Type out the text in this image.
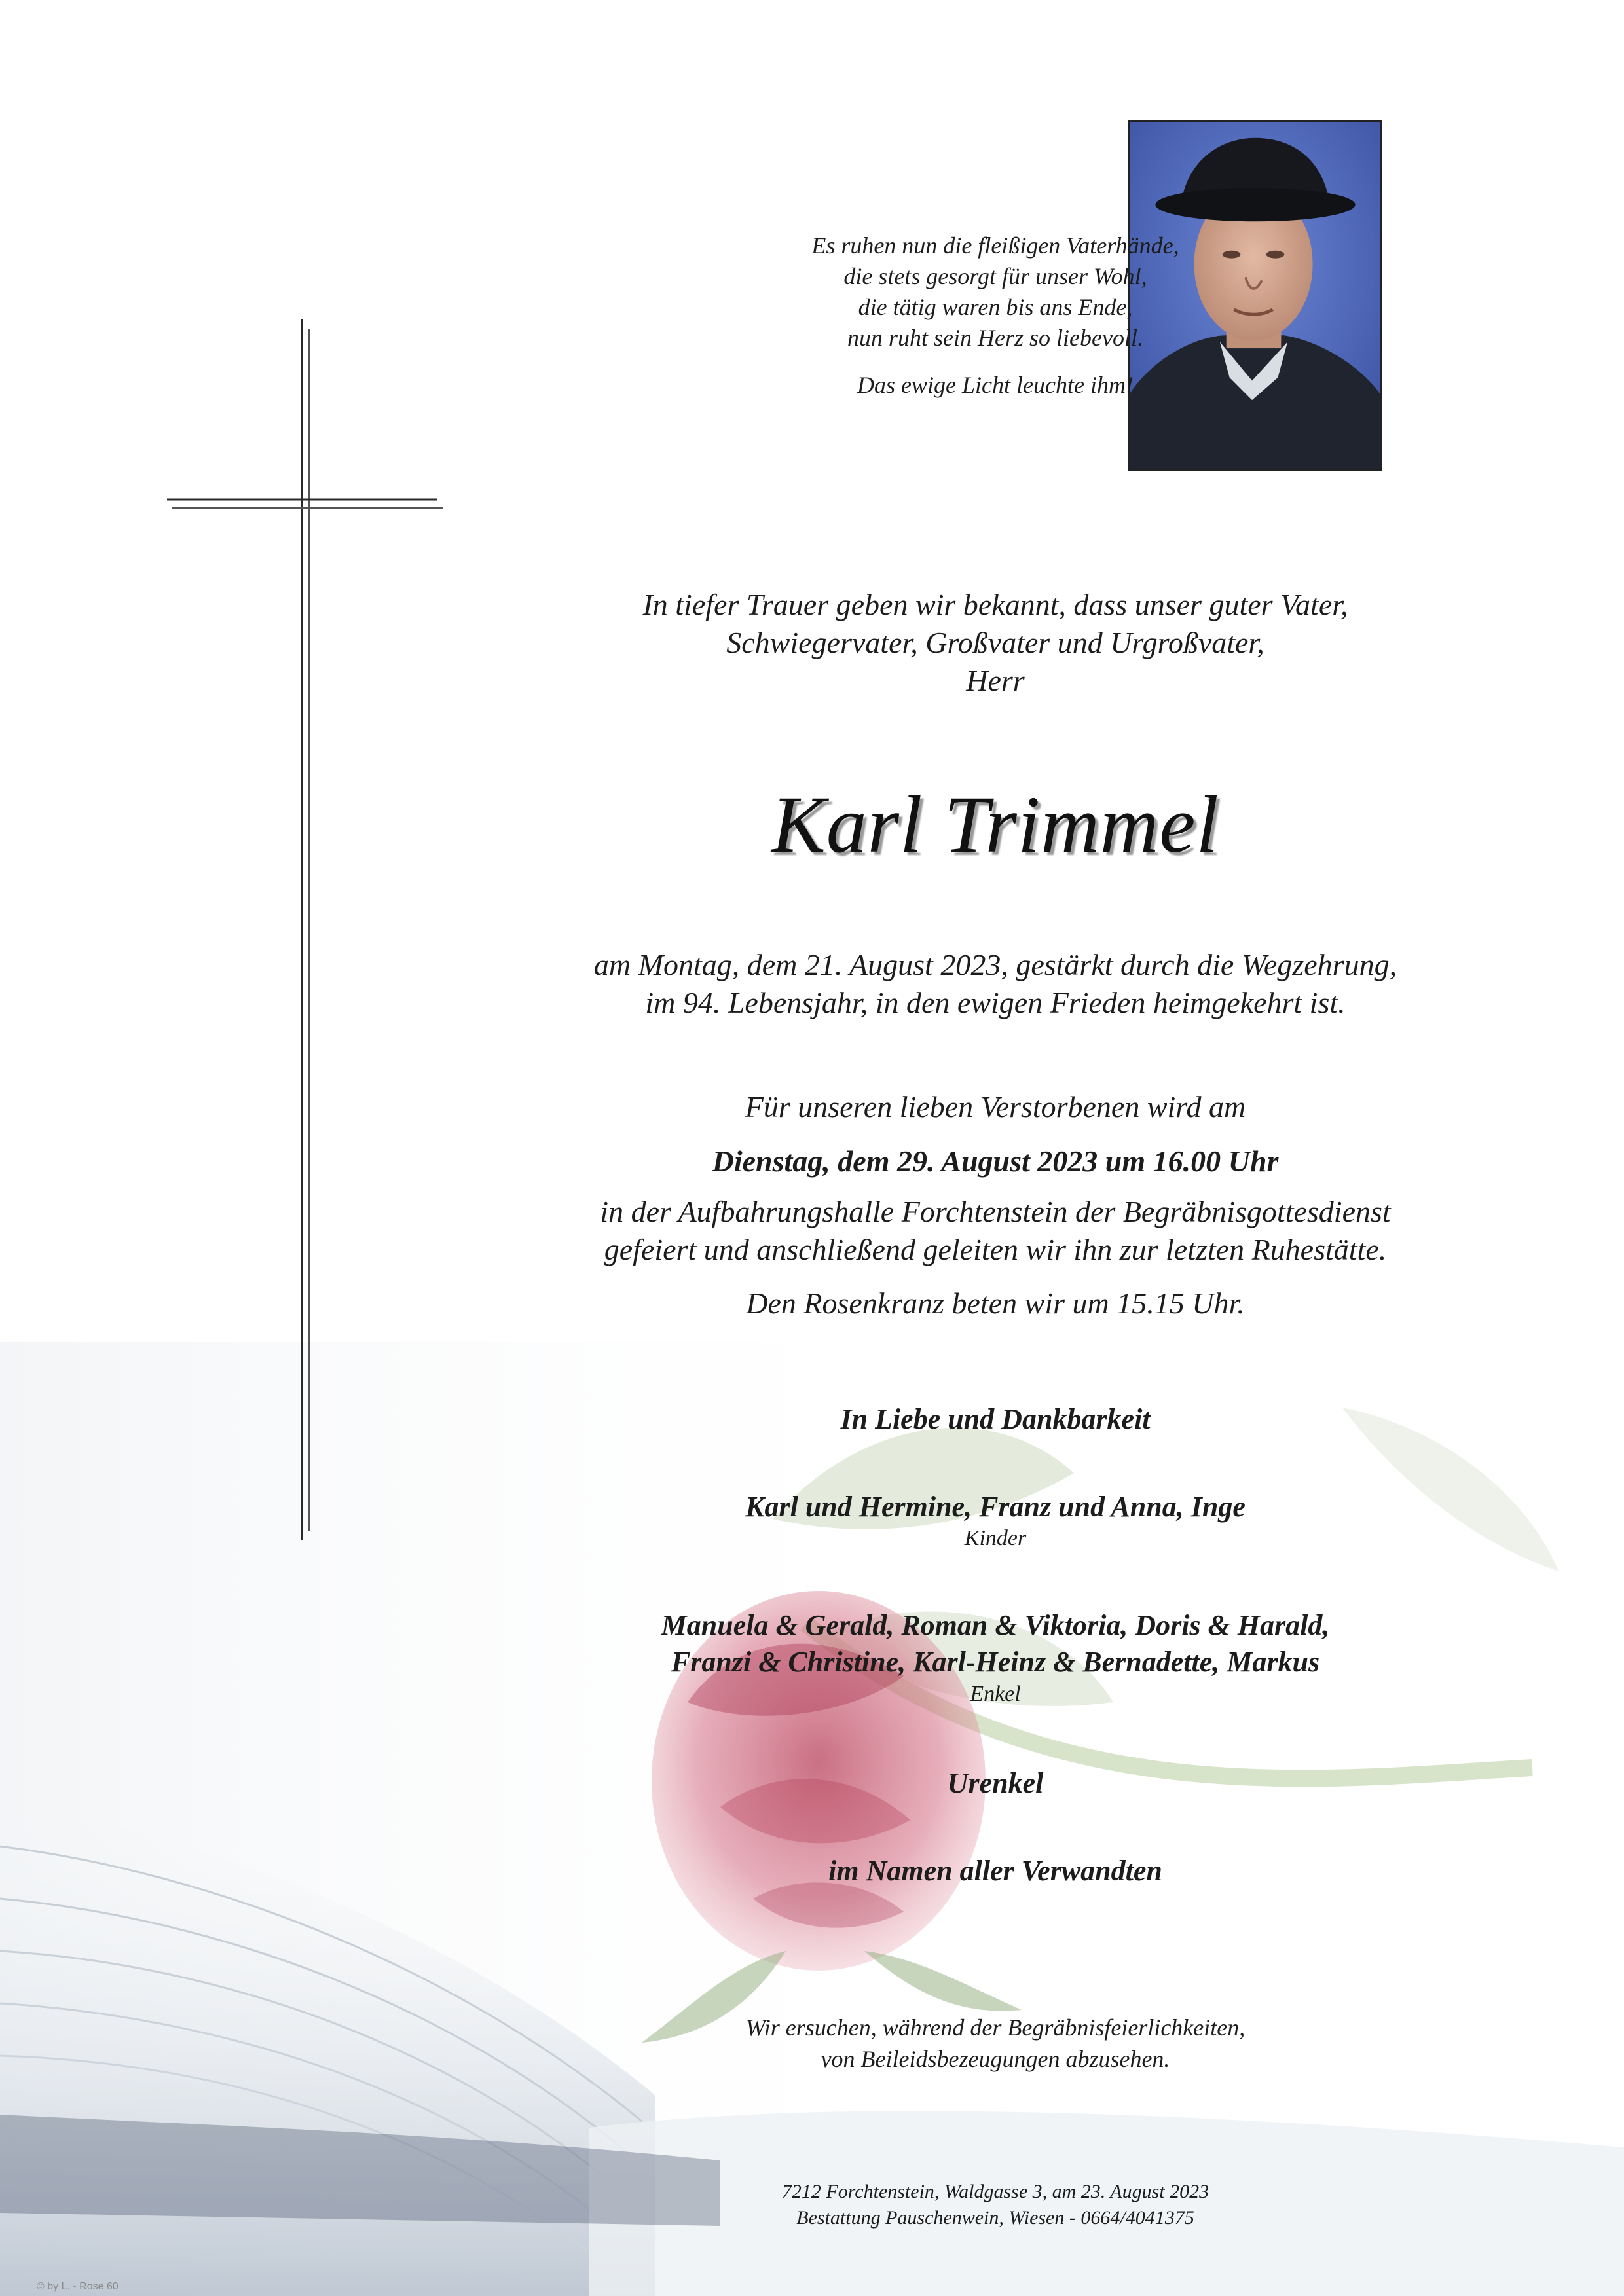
Es ruhen nun die fleißigen Vaterhände,
die stets gesorgt für unser Wohl,
die tätig waren bis ans Ende,
nun ruht sein Herz so liebevoll.
Das ewige Licht leuchte ihm!
In tiefer Trauer geben wir bekannt, dass unser guter Vater,
Schwiegervater, Großvater und Urgroßvater,
Herr
Karl Trimmel
am Montag, dem 21. August 2023, gestärkt durch die Wegzehrung,
im 94. Lebensjahr, in den ewigen Frieden heimgekehrt ist.
Für unseren lieben Verstorbenen wird am
Dienstag, dem 29. August 2023 um 16.00 Uhr
in der Aufbahrungshalle Forchtenstein der Begräbnisgottesdienst
gefeiert und anschließend geleiten wir ihn zur letzten Ruhestätte.
Den Rosenkranz beten wir um 15.15 Uhr.
In Liebe und Dankbarkeit
Karl und Hermine, Franz und Anna, Inge
Kinder
Manuela & Gerald, Roman & Viktoria, Doris & Harald,
Franzi & Christine, Karl-Heinz & Bernadette, Markus
Enkel
Urenkel
im Namen aller Verwandten
Wir ersuchen, während der Begräbnisfeierlichkeiten,
von Beileidsbezeugungen abzusehen.
7212 Forchtenstein, Waldgasse 3, am 23. August 2023
Bestattung Pauschenwein, Wiesen - 0664/4041375
© by L. - Rose 60
